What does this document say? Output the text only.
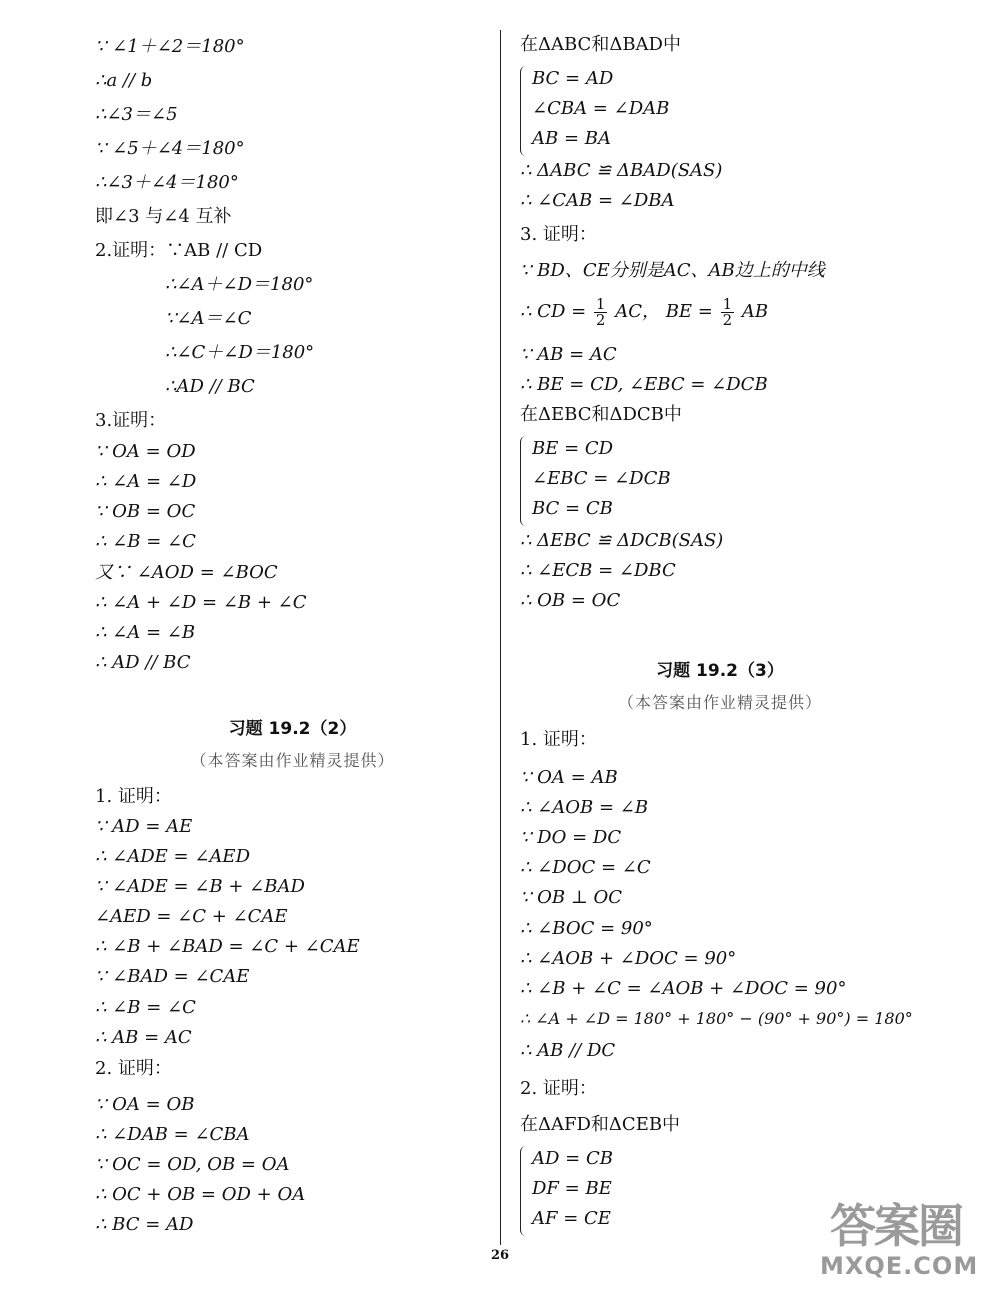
∵ ∠1＋∠2＝180°
∴a // b
∴∠3＝∠5
∵ ∠5＋∠4＝180°
∴∠3＋∠4＝180°
即∠3 与∠4 互补
2.证明：∵AB // CD
∴∠A＋∠D＝180°
∵∠A＝∠C
∴∠C＋∠D＝180°
∴AD // BC
3.证明：
∵ OA = OD
∴ ∠A = ∠D
∵ OB = OC
∴ ∠B = ∠C
又∵ ∠AOD = ∠BOC
∴ ∠A + ∠D = ∠B + ∠C
∴ ∠A = ∠B
∴ AD // BC
习题 19.2（2）
（本答案由作业精灵提供）
1. 证明：
∵ AD = AE
∴ ∠ADE = ∠AED
∵ ∠ADE = ∠B + ∠BAD
∠AED = ∠C + ∠CAE
∴ ∠B + ∠BAD = ∠C + ∠CAE
∵ ∠BAD = ∠CAE
∴ ∠B = ∠C
∴ AB = AC
2. 证明：
∵ OA = OB
∴ ∠DAB = ∠CBA
∵ OC = OD, OB = OA
∴ OC + OB = OD + OA
∴ BC = AD
在ΔABC和ΔBAD中
BC = AD
∠CBA = ∠DAB
AB = BA
∴ ΔABC ≌ ΔBAD(SAS)
∴ ∠CAB = ∠DBA
3. 证明：
∵ BD、CE分别是AC、AB边上的中线
∴ CD = $\frac{1}{2}$ AC， BE = $\frac{1}{2}$ AB
∵ AB = AC
∴ BE = CD, ∠EBC = ∠DCB
在ΔEBC和ΔDCB中
BE = CD
∠EBC = ∠DCB
BC = CB
∴ ΔEBC ≌ ΔDCB(SAS)
∴ ∠ECB = ∠DBC
∴ OB = OC
习题 19.2（3）
（本答案由作业精灵提供）
1. 证明：
∵ OA = AB
∴ ∠AOB = ∠B
∵ DO = DC
∴ ∠DOC = ∠C
∵ OB ⊥ OC
∴ ∠BOC = 90°
∴ ∠AOB + ∠DOC = 90°
∴ ∠B + ∠C = ∠AOB + ∠DOC = 90°
∴ ∠A + ∠D = 180° + 180° − (90° + 90°) = 180°
∴ AB // DC
2. 证明：
在ΔAFD和ΔCEB中
AD = CB
DF = BE
AF = CE
26
答案圈
MXQE.COM
